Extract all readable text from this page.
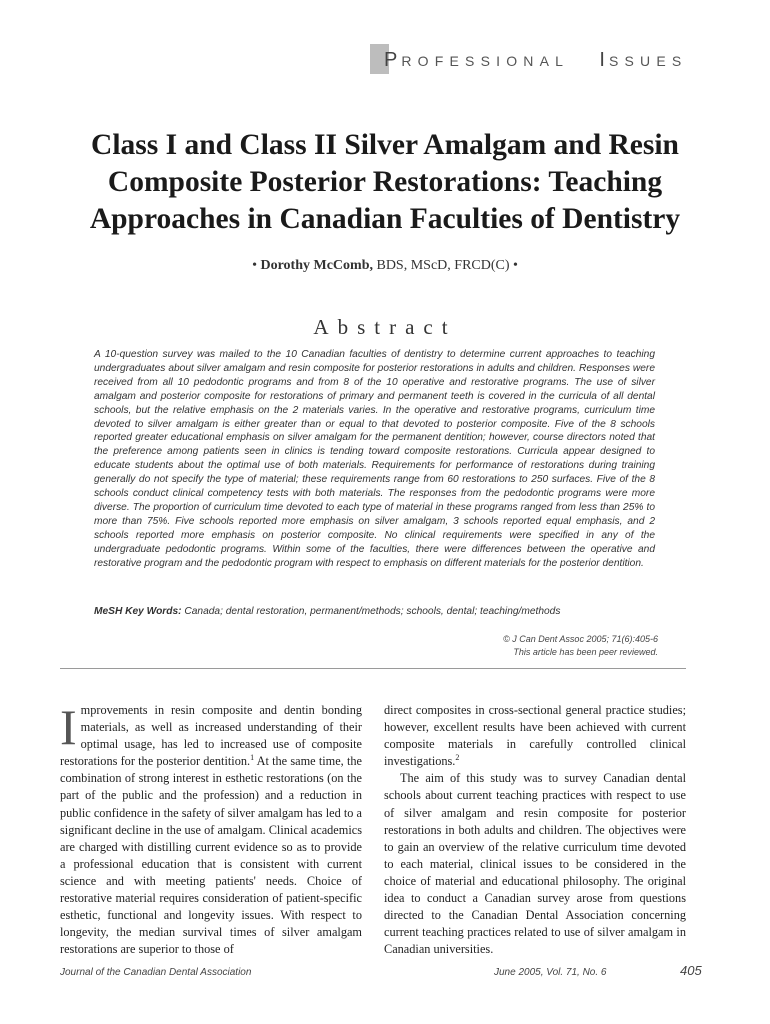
PROFESSIONAL ISSUES
Class I and Class II Silver Amalgam and Resin Composite Posterior Restorations: Teaching Approaches in Canadian Faculties of Dentistry
• Dorothy McComb, BDS, MScD, FRCD(C) •
Abstract
A 10-question survey was mailed to the 10 Canadian faculties of dentistry to determine current approaches to teaching undergraduates about silver amalgam and resin composite for posterior restorations in adults and children. Responses were received from all 10 pedodontic programs and from 8 of the 10 operative and restorative programs. The use of silver amalgam and posterior composite for restorations of primary and permanent teeth is covered in the curricula of all dental schools, but the relative emphasis on the 2 materials varies. In the operative and restorative programs, curriculum time devoted to silver amalgam is either greater than or equal to that devoted to posterior composite. Five of the 8 schools reported greater educational emphasis on silver amalgam for the permanent dentition; however, course directors noted that the preference among patients seen in clinics is tending toward composite restorations. Curricula appear designed to educate students about the optimal use of both materials. Requirements for performance of restorations during training generally do not specify the type of material; these requirements range from 60 restorations to 250 surfaces. Five of the 8 schools conduct clinical competency tests with both materials. The responses from the pedodontic programs were more diverse. The proportion of curriculum time devoted to each type of material in these programs ranged from less than 25% to more than 75%. Five schools reported more emphasis on silver amalgam, 3 schools reported equal emphasis, and 2 schools reported more emphasis on posterior composite. No clinical requirements were specified in any of the undergraduate pedodontic programs. Within some of the faculties, there were differences between the operative and restorative program and the pedodontic program with respect to emphasis on different materials for the posterior dentition.
MeSH Key Words: Canada; dental restoration, permanent/methods; schools, dental; teaching/methods
© J Can Dent Assoc 2005; 71(6):405-6
This article has been peer reviewed.

Improvements in resin composite and dentin bonding materials, as well as increased understanding of their optimal usage, has led to increased use of composite restorations for the posterior dentition.$^1$ At the same time, the combination of strong interest in esthetic restorations (on the part of the public and the profession) and a reduction in public confidence in the safety of silver amalgam has led to a significant decline in the use of amalgam. Clinical academics are charged with distilling current evidence so as to provide a professional education that is consistent with current science and with meeting patients' needs. Choice of restorative material requires consideration of patient-specific esthetic, functional and longevity issues. With respect to longevity, the median survival times of silver amalgam restorations are superior to those of

direct composites in cross-sectional general practice studies; however, excellent results have been achieved with current composite materials in carefully controlled clinical investigations.$^2$

The aim of this study was to survey Canadian dental schools about current teaching practices with respect to use of silver amalgam and resin composite for posterior restorations in both adults and children. The objectives were to gain an overview of the relative curriculum time devoted to each material, clinical issues to be considered in the choice of material and educational philosophy. The original idea to conduct a Canadian survey arose from questions directed to the Canadian Dental Association concerning current teaching practices related to use of silver amalgam in Canadian universities.

Journal of the Canadian Dental Association	June 2005, Vol. 71, No. 6	405
